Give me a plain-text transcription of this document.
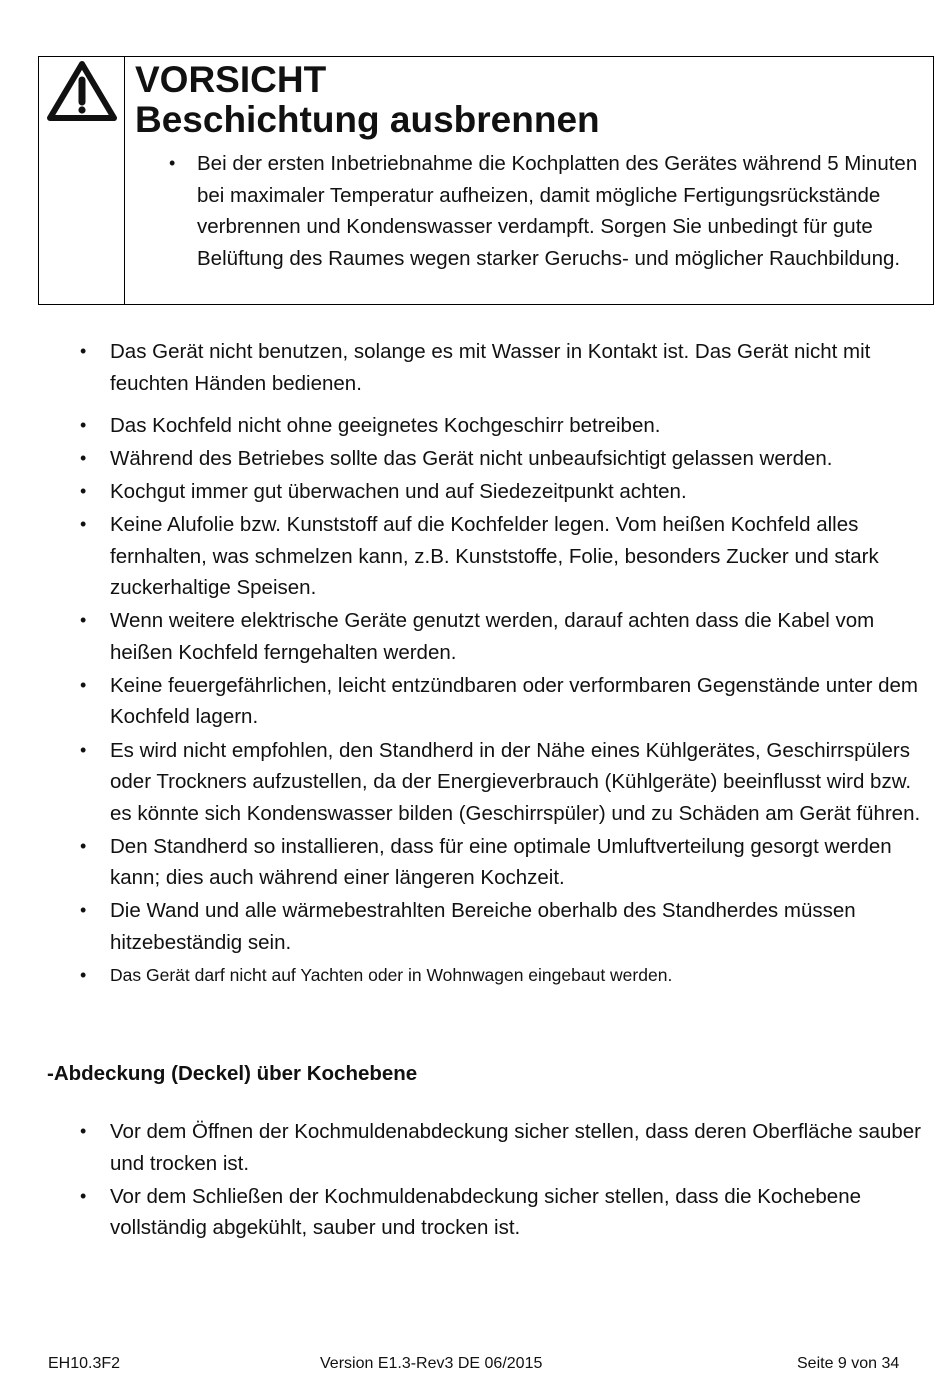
VORSICHT
Beschichtung ausbrennen
• Bei der ersten Inbetriebnahme die Kochplatten des Gerätes während 5 Minuten bei maximaler Temperatur aufheizen, damit mögliche Fertigungsrückstände verbrennen und Kondenswasser verdampft. Sorgen Sie unbedingt für gute Belüftung des Raumes wegen starker Geruchs- und möglicher Rauchbildung.
• Das Gerät nicht benutzen, solange es mit Wasser in Kontakt ist. Das Gerät nicht mit feuchten Händen bedienen.
• Das Kochfeld nicht ohne geeignetes Kochgeschirr betreiben.
• Während des Betriebes sollte das Gerät nicht unbeaufsichtigt gelassen werden.
• Kochgut immer gut überwachen und auf Siedezeitpunkt achten.
• Keine Alufolie bzw. Kunststoff auf die Kochfelder legen. Vom heißen Kochfeld alles fernhalten, was schmelzen kann, z.B. Kunststoffe, Folie, besonders Zucker und stark zuckerhaltige Speisen.
• Wenn weitere elektrische Geräte genutzt werden, darauf achten dass die Kabel vom heißen Kochfeld ferngehalten werden.
• Keine feuergefährlichen, leicht entzündbaren oder verformbaren Gegenstände unter dem Kochfeld lagern.
• Es wird nicht empfohlen, den Standherd in der Nähe eines Kühlgerätes, Geschirrspülers oder Trockners aufzustellen, da der Energieverbrauch (Kühlgeräte) beeinflusst wird bzw. es könnte sich Kondenswasser bilden (Geschirrspüler) und zu Schäden am Gerät führen.
• Den Standherd so installieren, dass für eine optimale Umluftverteilung gesorgt werden kann; dies auch während einer längeren Kochzeit.
• Die Wand und alle wärmebestrahlten Bereiche oberhalb des Standherdes müssen hitzebeständig sein.
• Das Gerät darf nicht auf Yachten oder in Wohnwagen eingebaut werden.
-Abdeckung (Deckel) über Kochebene
• Vor dem Öffnen der Kochmuldenabdeckung sicher stellen, dass deren Oberfläche sauber und trocken ist.
• Vor dem Schließen der Kochmuldenabdeckung sicher stellen, dass die Kochebene vollständig abgekühlt, sauber und trocken ist.
EH10.3F2	Version E1.3-Rev3 DE 06/2015	Seite 9 von 34
